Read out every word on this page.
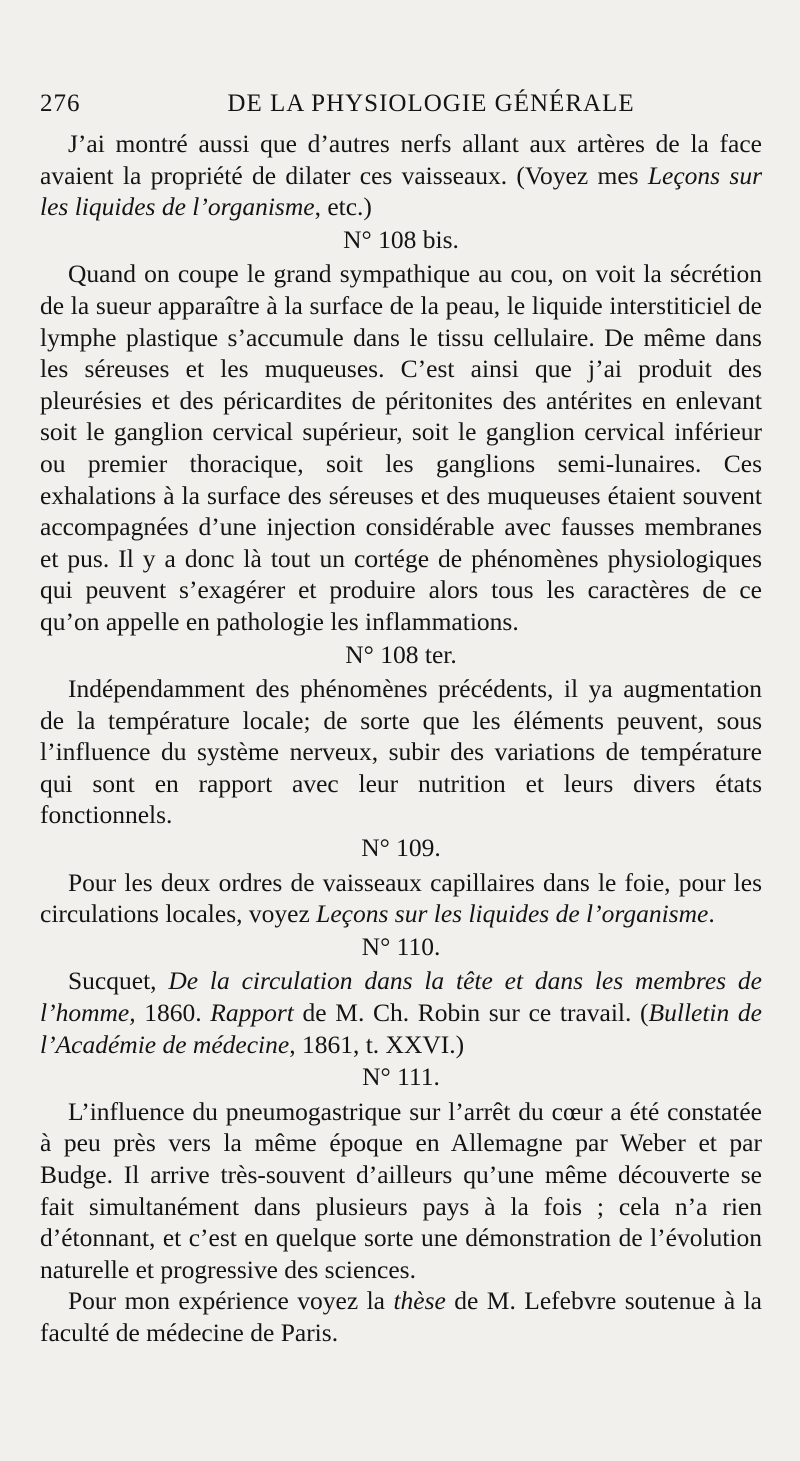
276	DE LA PHYSIOLOGIE GÉNÉRALE

J’ai montré aussi que d’autres nerfs allant aux artères de la face avaient la propriété de dilater ces vaisseaux. (Voyez mes Leçons sur les liquides de l’organisme, etc.)

N° 108 bis.

Quand on coupe le grand sympathique au cou, on voit la sécrétion de la sueur apparaître à la surface de la peau, le liquide interstiticiel de lymphe plastique s’accumule dans le tissu cellulaire. De même dans les séreuses et les muqueuses. C’est ainsi que j’ai produit des pleurésies et des péricardites de péritonites des antérites en enlevant soit le ganglion cervical supérieur, soit le ganglion cervical inférieur ou premier thoracique, soit les ganglions semi-lunaires. Ces exhalations à la surface des séreuses et des muqueuses étaient souvent accompagnées d’une injection considérable avec fausses membranes et pus. Il y a donc là tout un cortége de phénomènes physiologiques qui peuvent s’exagérer et produire alors tous les caractères de ce qu’on appelle en pathologie les inflammations.

N° 108 ter.

Indépendamment des phénomènes précédents, il ya augmentation de la température locale; de sorte que les éléments peuvent, sous l’influence du système nerveux, subir des variations de température qui sont en rapport avec leur nutrition et leurs divers états fonctionnels.

N° 109.

Pour les deux ordres de vaisseaux capillaires dans le foie, pour les circulations locales, voyez Leçons sur les liquides de l’organisme.

N° 110.

Sucquet, De la circulation dans la tête et dans les membres de l’homme, 1860. Rapport de M. Ch. Robin sur ce travail. (Bulletin de l’Académie de médecine, 1861, t. XXVI.)

N° 111.

L’influence du pneumogastrique sur l’arrêt du cœur a été constatée à peu près vers la même époque en Allemagne par Weber et par Budge. Il arrive très-souvent d’ailleurs qu’une même découverte se fait simultanément dans plusieurs pays à la fois ; cela n’a rien d’étonnant, et c’est en quelque sorte une démonstration de l’évolution naturelle et progressive des sciences.

Pour mon expérience voyez la thèse de M. Lefebvre soutenue à la faculté de médecine de Paris.
